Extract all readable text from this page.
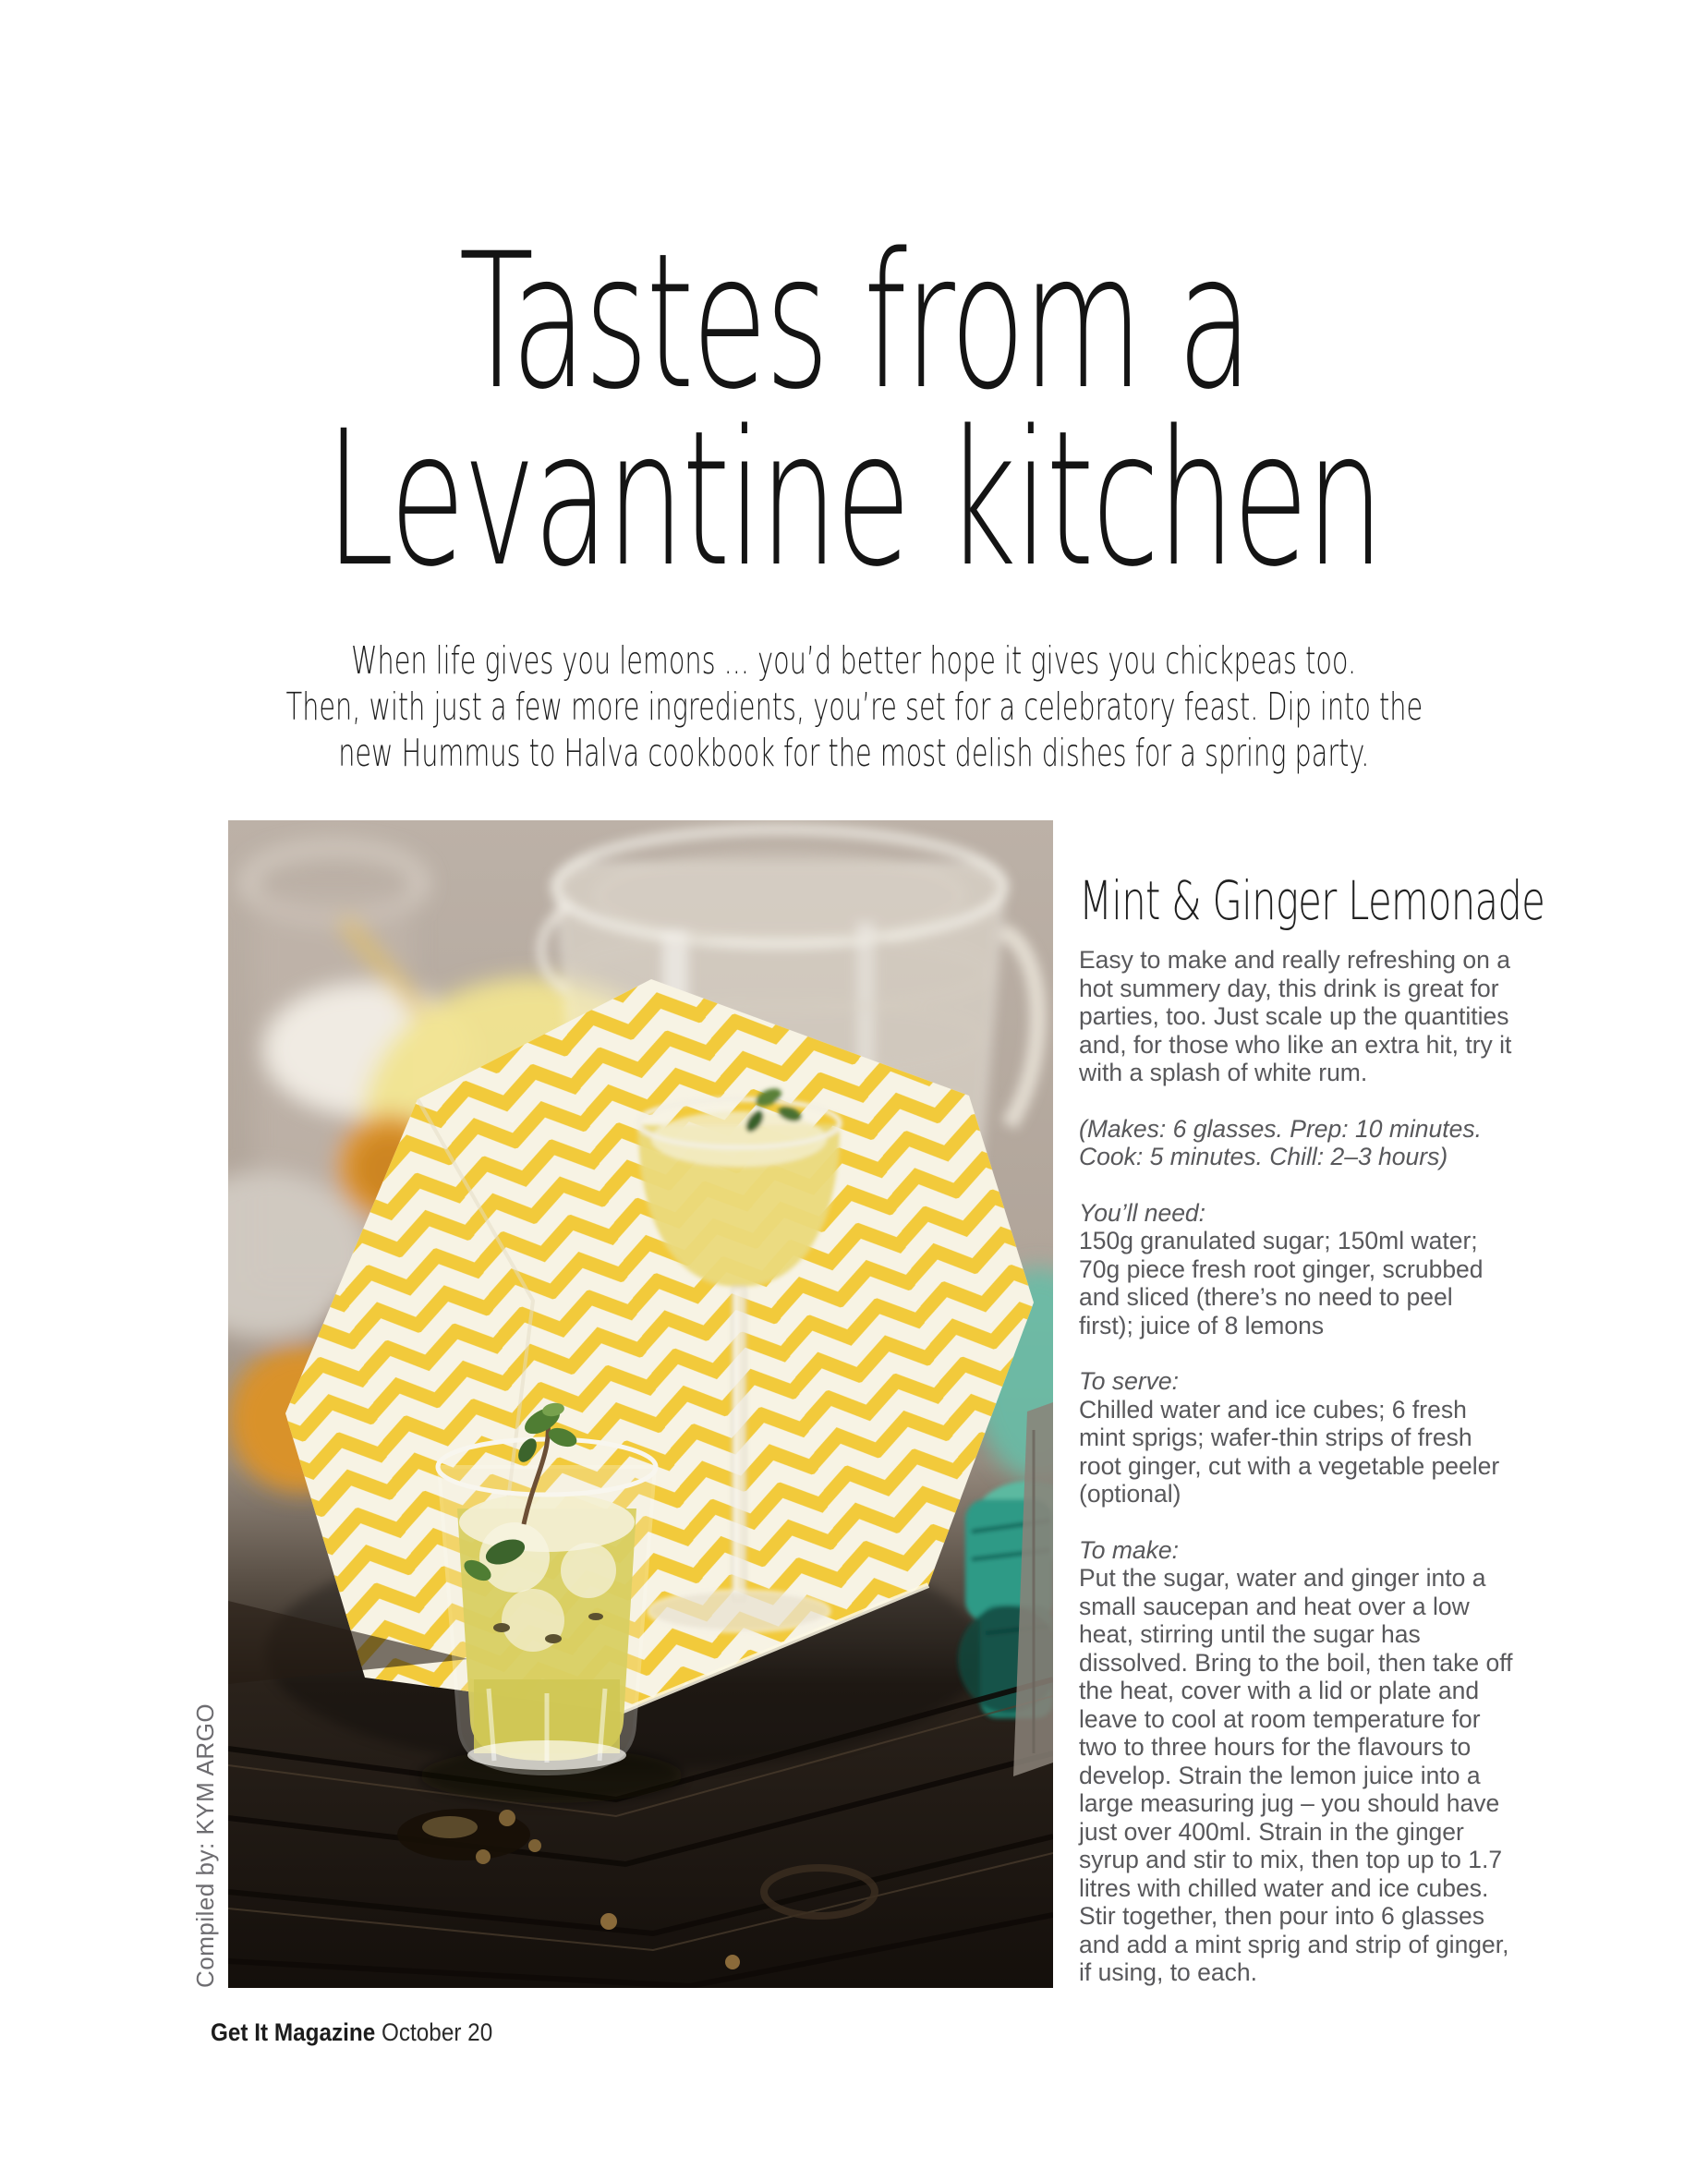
Tastes from a
Levantine kitchen
When life gives you lemons ... you’d better hope it gives you chickpeas too.
Then, with just a few more ingredients, you’re set for a celebratory feast. Dip into the
new Hummus to Halva cookbook for the most delish dishes for a spring party.
Mint & Ginger Lemonade

Easy to make and really refreshing on a hot summery day, this drink is great for parties, too. Just scale up the quantities and, for those who like an extra hit, try it with a splash of white rum.

(Makes: 6 glasses. Prep: 10 minutes. Cook: 5 minutes. Chill: 2–3 hours)

You’ll need:

150g granulated sugar; 150ml water; 70g piece fresh root ginger, scrubbed and sliced (there’s no need to peel first); juice of 8 lemons

To serve:

Chilled water and ice cubes; 6 fresh mint sprigs; wafer-thin strips of fresh root ginger, cut with a vegetable peeler (optional)

To make:

Put the sugar, water and ginger into a small saucepan and heat over a low heat, stirring until the sugar has dissolved. Bring to the boil, then take off the heat, cover with a lid or plate and leave to cool at room temperature for two to three hours for the flavours to develop. Strain the lemon juice into a large measuring jug – you should have just over 400ml. Strain in the ginger syrup and stir to mix, then top up to 1.7 litres with chilled water and ice cubes. Stir together, then pour into 6 glasses and add a mint sprig and strip of ginger, if using, to each.

Compiled by: KYM ARGO
Get It Magazine October 20
